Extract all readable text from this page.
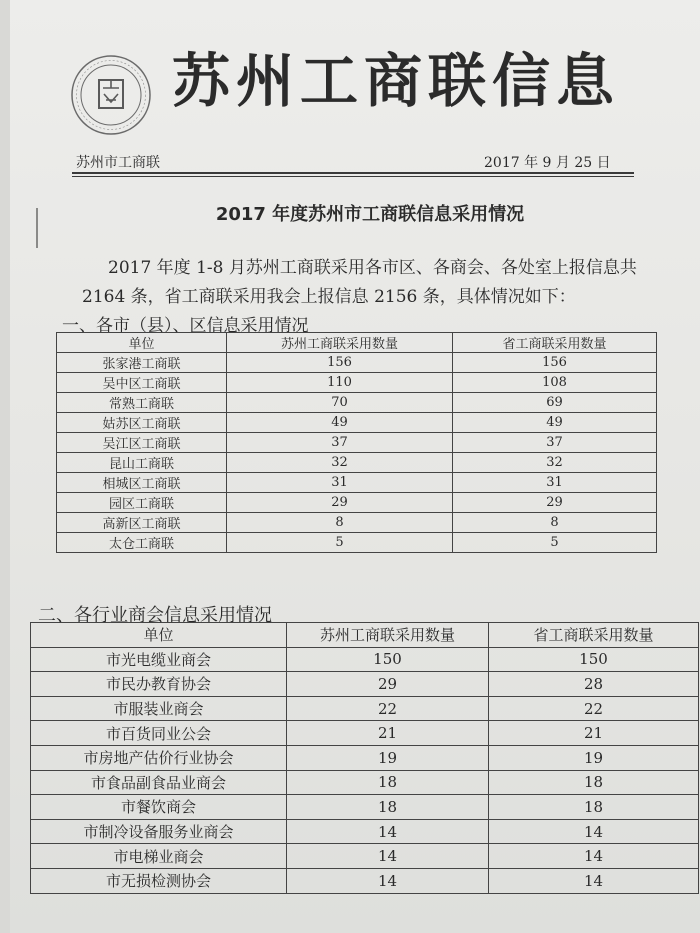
苏州工商联信息
苏州市工商联	2017 年 9 月 25 日
2017 年度苏州市工商联信息采用情况
2017 年度 1-8 月苏州工商联采用各市区、各商会、各处室上报信息共
2164 条，省工商联采用我会上报信息 2156 条，具体情况如下：
一、各市（县）、区信息采用情况
单位	苏州工商联采用数量	省工商联采用数量
张家港工商联	156	156
吴中区工商联	110	108
常熟工商联	70	69
姑苏区工商联	49	49
吴江区工商联	37	37
昆山工商联	32	32
相城区工商联	31	31
园区工商联	29	29
高新区工商联	8	8
太仓工商联	5	5
二、各行业商会信息采用情况
单位	苏州工商联采用数量	省工商联采用数量
市光电缆业商会	150	150
市民办教育协会	29	28
市服装业商会	22	22
市百货同业公会	21	21
市房地产估价行业协会	19	19
市食品副食品业商会	18	18
市餐饮商会	18	18
市制冷设备服务业商会	14	14
市电梯业商会	14	14
市无损检测协会	14	14
